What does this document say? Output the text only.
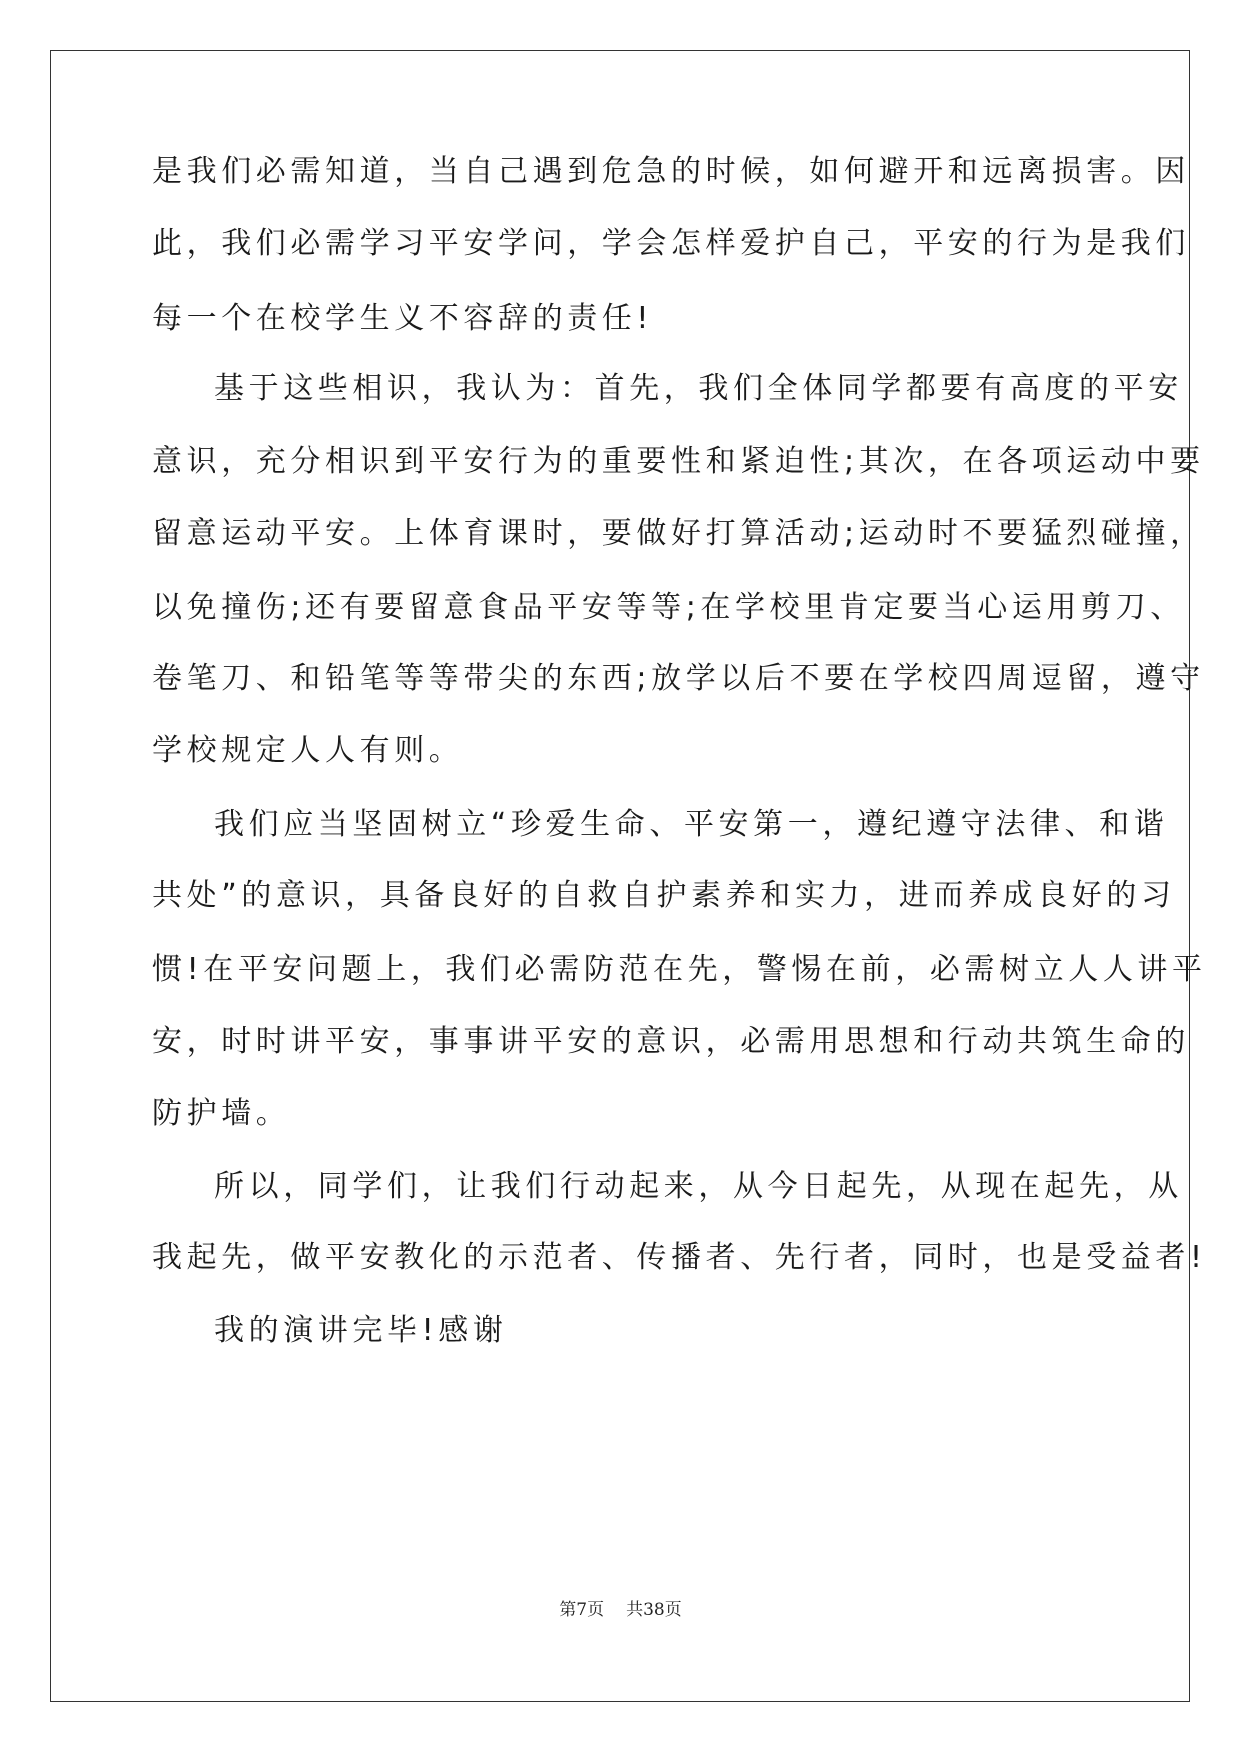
是我们必需知道，当自己遇到危急的时候，如何避开和远离损害。因
此，我们必需学习平安学问，学会怎样爱护自己，平安的行为是我们
每一个在校学生义不容辞的责任!
基于这些相识，我认为：首先，我们全体同学都要有高度的平安
意识，充分相识到平安行为的重要性和紧迫性;其次，在各项运动中要
留意运动平安。上体育课时，要做好打算活动;运动时不要猛烈碰撞，
以免撞伤;还有要留意食品平安等等;在学校里肯定要当心运用剪刀、
卷笔刀、和铅笔等等带尖的东西;放学以后不要在学校四周逗留，遵守
学校规定人人有则。
我们应当坚固树立“珍爱生命、平安第一，遵纪遵守法律、和谐
共处”的意识，具备良好的自救自护素养和实力，进而养成良好的习
惯!在平安问题上，我们必需防范在先，警惕在前，必需树立人人讲平
安，时时讲平安，事事讲平安的意识，必需用思想和行动共筑生命的
防护墙。
所以，同学们，让我们行动起来，从今日起先，从现在起先，从
我起先，做平安教化的示范者、传播者、先行者，同时，也是受益者!
我的演讲完毕!感谢
第7页 共38页
